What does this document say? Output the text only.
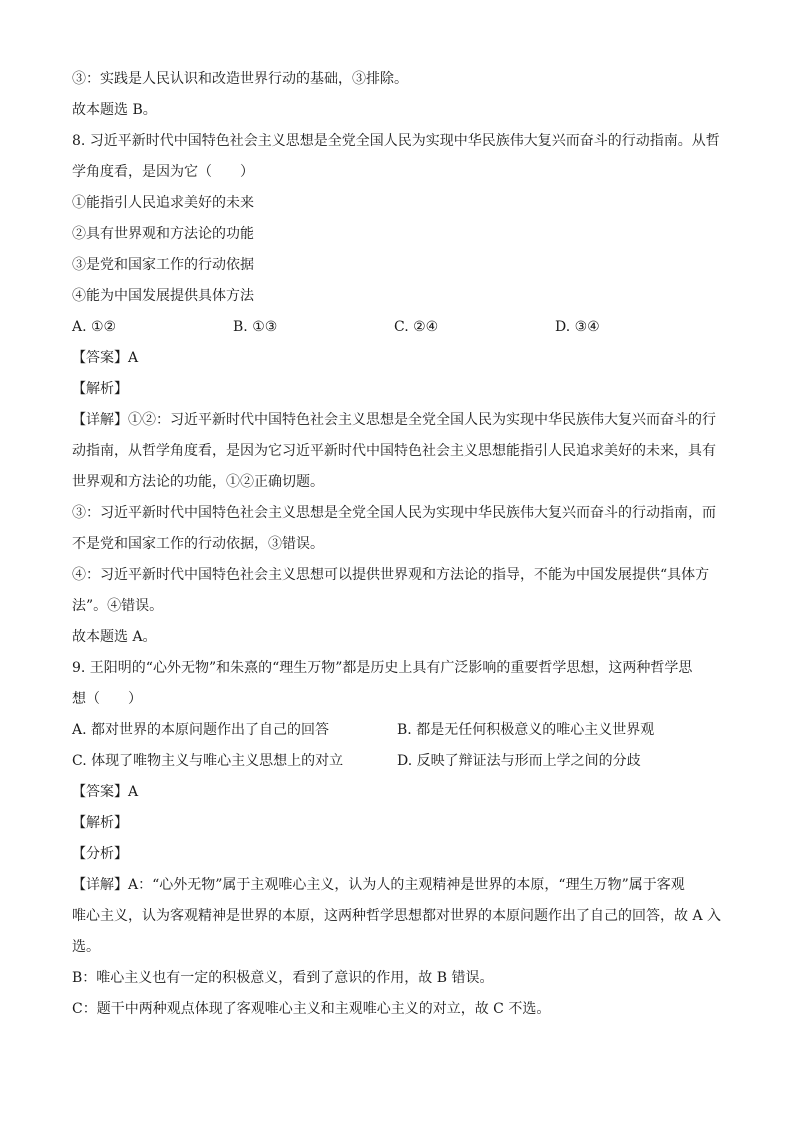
③：实践是人民认识和改造世界行动的基础，③排除。
故本题选 B。
8. 习近平新时代中国特色社会主义思想是全党全国人民为实现中华民族伟大复兴而奋斗的行动指南。从哲
学角度看，是因为它（　　）
①能指引人民追求美好的未来
②具有世界观和方法论的功能
③是党和国家工作的行动依据
④能为中国发展提供具体方法
A. ①②	B. ①③	C. ②④	D. ③④
【答案】A
【解析】
【详解】①②：习近平新时代中国特色社会主义思想是全党全国人民为实现中华民族伟大复兴而奋斗的行
动指南，从哲学角度看，是因为它习近平新时代中国特色社会主义思想能指引人民追求美好的未来，具有
世界观和方法论的功能，①②正确切题。
③：习近平新时代中国特色社会主义思想是全党全国人民为实现中华民族伟大复兴而奋斗的行动指南，而
不是党和国家工作的行动依据，③错误。
④：习近平新时代中国特色社会主义思想可以提供世界观和方法论的指导，不能为中国发展提供“具体方
法”。④错误。
故本题选 A。
9. 王阳明的“心外无物”和朱熹的“理生万物”都是历史上具有广泛影响的重要哲学思想，这两种哲学思
想（　　）
A. 都对世界的本原问题作出了自己的回答	B. 都是无任何积极意义的唯心主义世界观
C. 体现了唯物主义与唯心主义思想上的对立	D. 反映了辩证法与形而上学之间的分歧
【答案】A
【解析】
【分析】
【详解】A：“心外无物”属于主观唯心主义，认为人的主观精神是世界的本原，“理生万物”属于客观
唯心主义，认为客观精神是世界的本原，这两种哲学思想都对世界的本原问题作出了自己的回答，故 A 入
选。
B：唯心主义也有一定的积极意义，看到了意识的作用，故 B 错误。
C：题干中两种观点体现了客观唯心主义和主观唯心主义的对立，故 C 不选。
